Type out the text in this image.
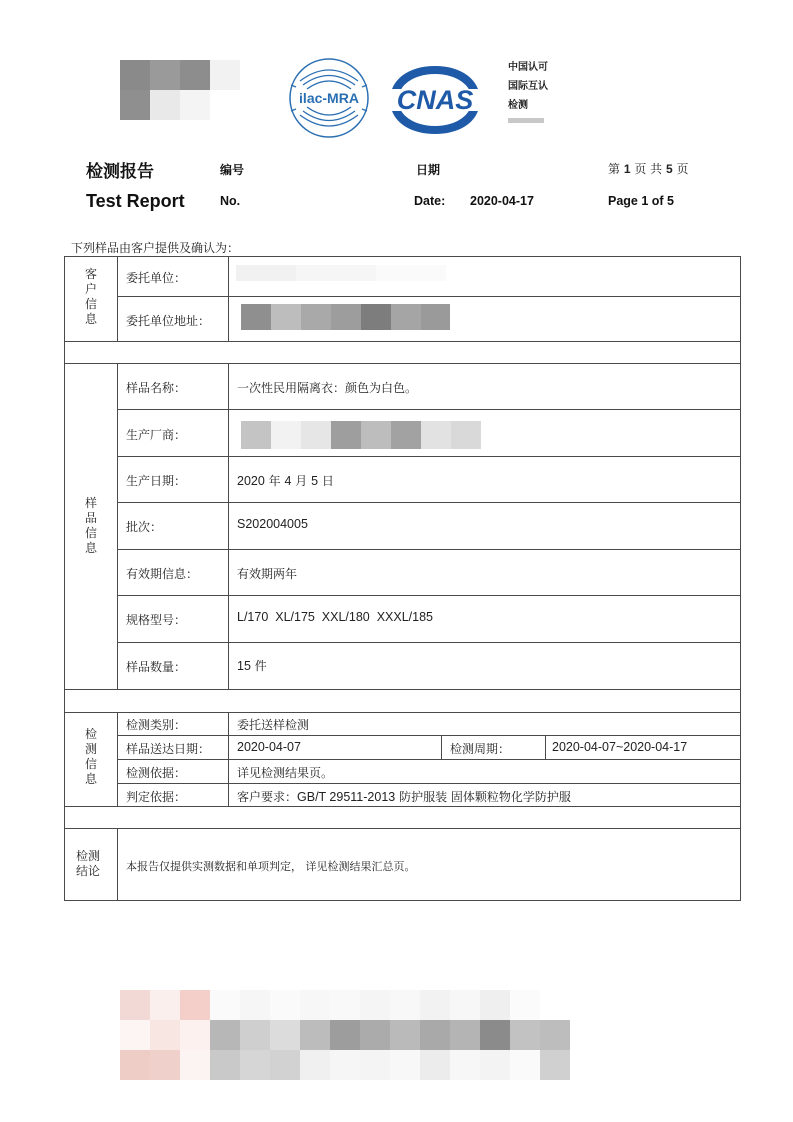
ilac-MRA CNAS
中国认可
国际互认
检测
检测报告
Test Report
编号
No.
日期
Date: 2020-04-17
第 1 页 共 5 页
Page 1 of 5
下列样品由客户提供及确认为：
客
户
信
息
委托单位：
委托单位地址：
样
品
信
息
样品名称：	一次性民用隔离衣：颜色为白色。
生产厂商：
生产日期：	2020 年 4 月 5 日
批次：	S202004005
有效期信息：	有效期两年
规格型号：	L/170  XL/175  XXL/180  XXXL/185
样品数量：	15 件
检
测
信
息
检测类别：	委托送样检测
样品送达日期： 2020-04-07	检测周期：	2020-04-07~2020-04-17
检测依据：	详见检测结果页。
判定依据：	客户要求：GB/T 29511-2013 防护服装 固体颗粒物化学防护服
检测
结论	本报告仅提供实测数据和单项判定， 详见检测结果汇总页。
